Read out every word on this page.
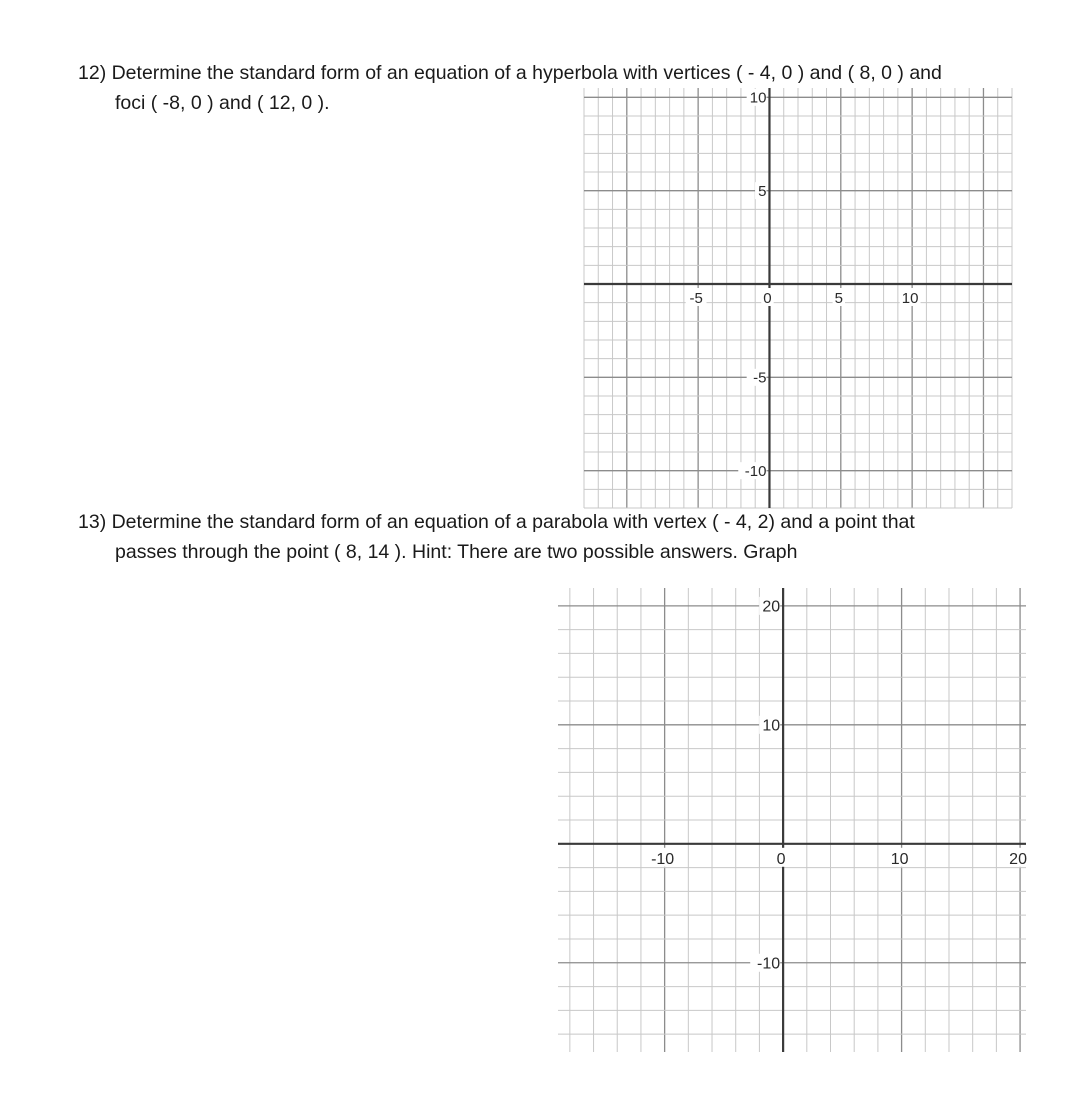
12) Determine the standard form of an equation of a hyperbola with vertices ( - 4, 0 ) and ( 8, 0 ) and
foci ( -8, 0 ) and ( 12, 0 ).
-5	0	5	10
10
5
-5
-10
13) Determine the standard form of an equation of a parabola with vertex ( - 4, 2) and a point that
passes through the point ( 8, 14 ). Hint: There are two possible answers. Graph
-10	0	10	20
20
10
-10
